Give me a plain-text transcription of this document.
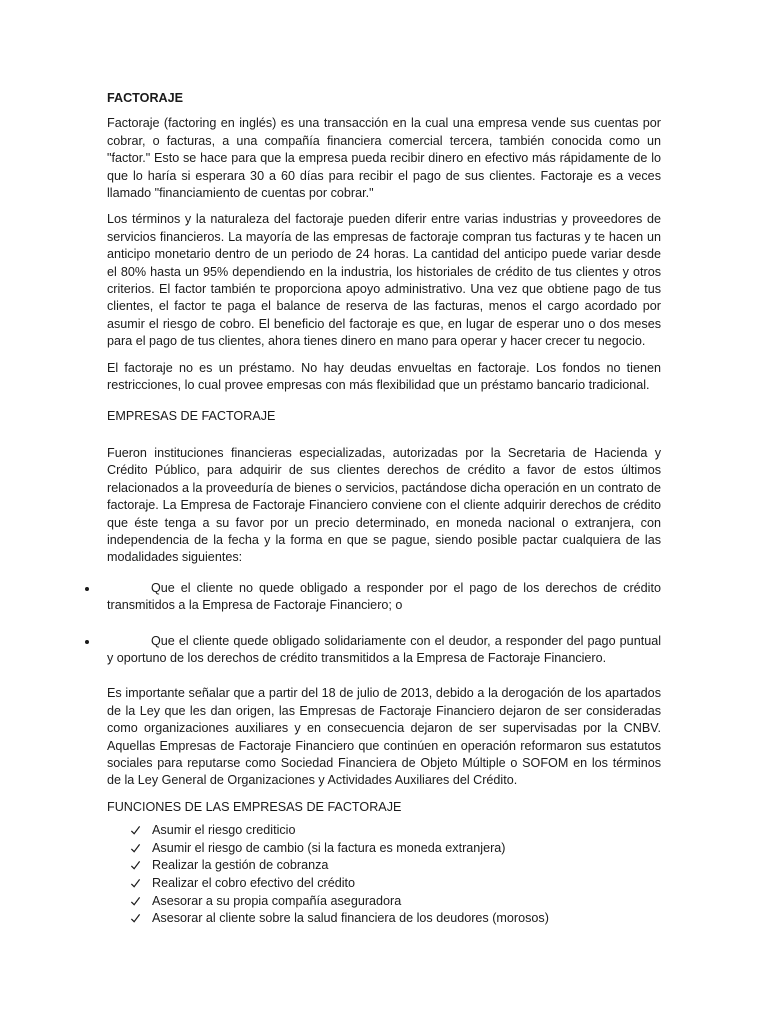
FACTORAJE

Factoraje (factoring en inglés) es una transacción en la cual una empresa vende sus cuentas por cobrar, o facturas, a una compañía financiera comercial tercera, también conocida como un "factor." Esto se hace para que la empresa pueda recibir dinero en efectivo más rápidamente de lo que lo haría si esperara 30 a 60 días para recibir el pago de sus clientes. Factoraje es a veces llamado "financiamiento de cuentas por cobrar."

Los términos y la naturaleza del factoraje pueden diferir entre varias industrias y proveedores de servicios financieros. La mayoría de las empresas de factoraje compran tus facturas y te hacen un anticipo monetario dentro de un periodo de 24 horas. La cantidad del anticipo puede variar desde el 80% hasta un 95% dependiendo en la industria, los historiales de crédito de tus clientes y otros criterios. El factor también te proporciona apoyo administrativo. Una vez que obtiene pago de tus clientes, el factor te paga el balance de reserva de las facturas, menos el cargo acordado por asumir el riesgo de cobro. El beneficio del factoraje es que, en lugar de esperar uno o dos meses para el pago de tus clientes, ahora tienes dinero en mano para operar y hacer crecer tu negocio.

El factoraje no es un préstamo. No hay deudas envueltas en factoraje. Los fondos no tienen restricciones, lo cual provee empresas con más flexibilidad que un préstamo bancario tradicional.

EMPRESAS DE FACTORAJE

Fueron instituciones financieras especializadas, autorizadas por la Secretaria de Hacienda y Crédito Público, para adquirir de sus clientes derechos de crédito a favor de estos últimos relacionados a la proveeduría de bienes o servicios, pactándose dicha operación en un contrato de factoraje. La Empresa de Factoraje Financiero conviene con el cliente adquirir derechos de crédito que éste tenga a su favor por un precio determinado, en moneda nacional o extranjera, con independencia de la fecha y la forma en que se pague, siendo posible pactar cualquiera de las modalidades siguientes:

Que el cliente no quede obligado a responder por el pago de los derechos de crédito transmitidos a la Empresa de Factoraje Financiero; o
Que el cliente quede obligado solidariamente con el deudor, a responder del pago puntual y oportuno de los derechos de crédito transmitidos a la Empresa de Factoraje Financiero.

Es importante señalar que a partir del 18 de julio de 2013, debido a la derogación de los apartados de la Ley que les dan origen, las Empresas de Factoraje Financiero dejaron de ser consideradas como organizaciones auxiliares y en consecuencia dejaron de ser supervisadas por la CNBV. Aquellas Empresas de Factoraje Financiero que continúen en operación reformaron sus estatutos sociales para reputarse como Sociedad Financiera de Objeto Múltiple o SOFOM en los términos de la Ley General de Organizaciones y Actividades Auxiliares del Crédito.

FUNCIONES DE LAS EMPRESAS DE FACTORAJE
Asumir el riesgo crediticio
Asumir el riesgo de cambio (si la factura es moneda extranjera)
Realizar la gestión de cobranza
Realizar el cobro efectivo del crédito
Asesorar a su propia compañía aseguradora
Asesorar al cliente sobre la salud financiera de los deudores (morosos)
